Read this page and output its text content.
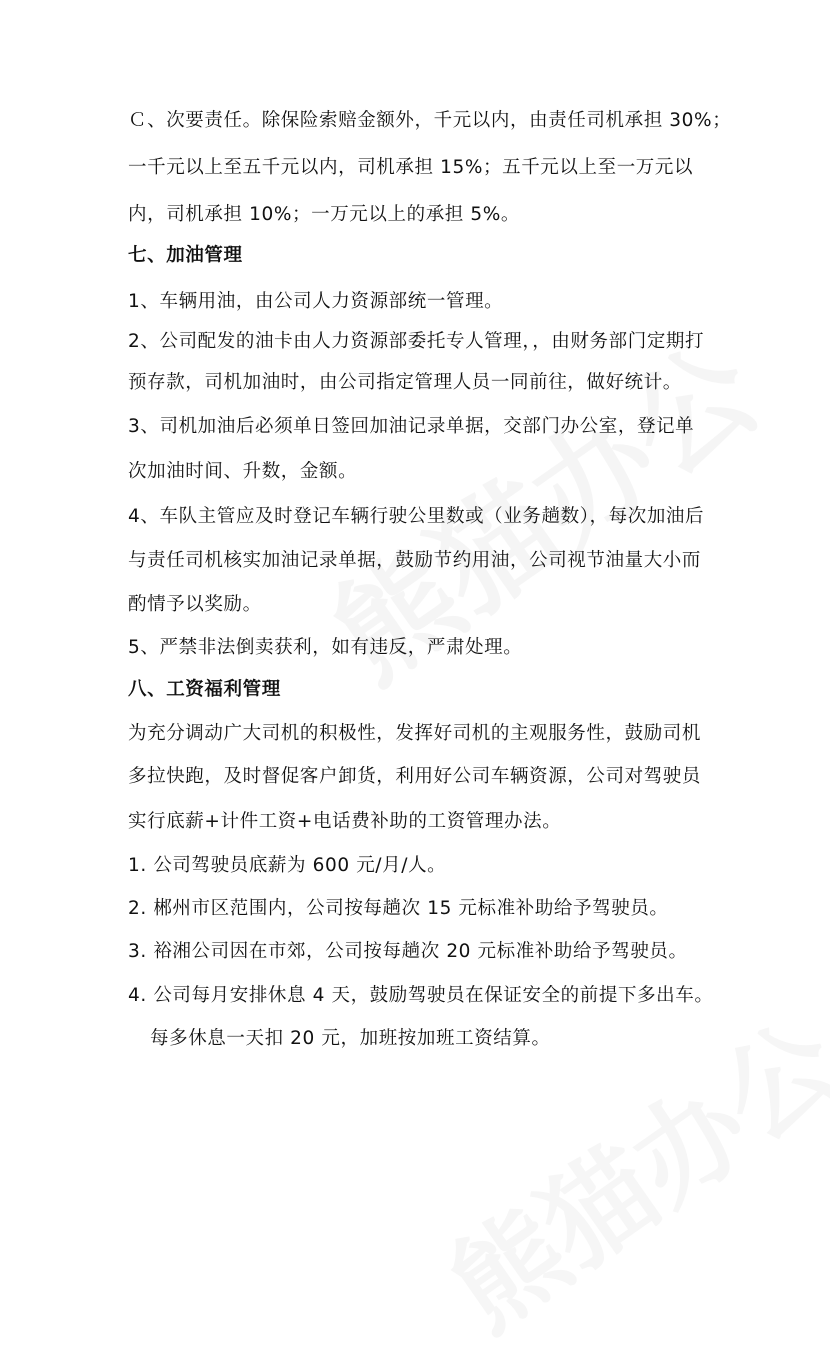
Ｃ、次要责任。除保险索赔金额外，千元以内，由责任司机承担 30%；
一千元以上至五千元以内，司机承担 15%；五千元以上至一万元以
内，司机承担 10%；一万元以上的承担 5%。
七、加油管理
1、车辆用油，由公司人力资源部统一管理。
2、公司配发的油卡由人力资源部委托专人管理，，由财务部门定期打
预存款，司机加油时，由公司指定管理人员一同前往，做好统计。
3、司机加油后必须单日签回加油记录单据，交部门办公室，登记单
次加油时间、升数，金额。
4、车队主管应及时登记车辆行驶公里数或（业务趟数），每次加油后
与责任司机核实加油记录单据，鼓励节约用油，公司视节油量大小而
酌情予以奖励。
5、严禁非法倒卖获利，如有违反，严肃处理。
八、工资福利管理
为充分调动广大司机的积极性，发挥好司机的主观服务性，鼓励司机
多拉快跑，及时督促客户卸货，利用好公司车辆资源，公司对驾驶员
实行底薪+计件工资+电话费补助的工资管理办法。
1. 公司驾驶员底薪为 600 元/月/人。
2. 郴州市区范围内，公司按每趟次 15 元标准补助给予驾驶员。
3. 裕湘公司因在市郊，公司按每趟次 20 元标准补助给予驾驶员。
4. 公司每月安排休息 4 天，鼓励驾驶员在保证安全的前提下多出车。
每多休息一天扣 20 元，加班按加班工资结算。
